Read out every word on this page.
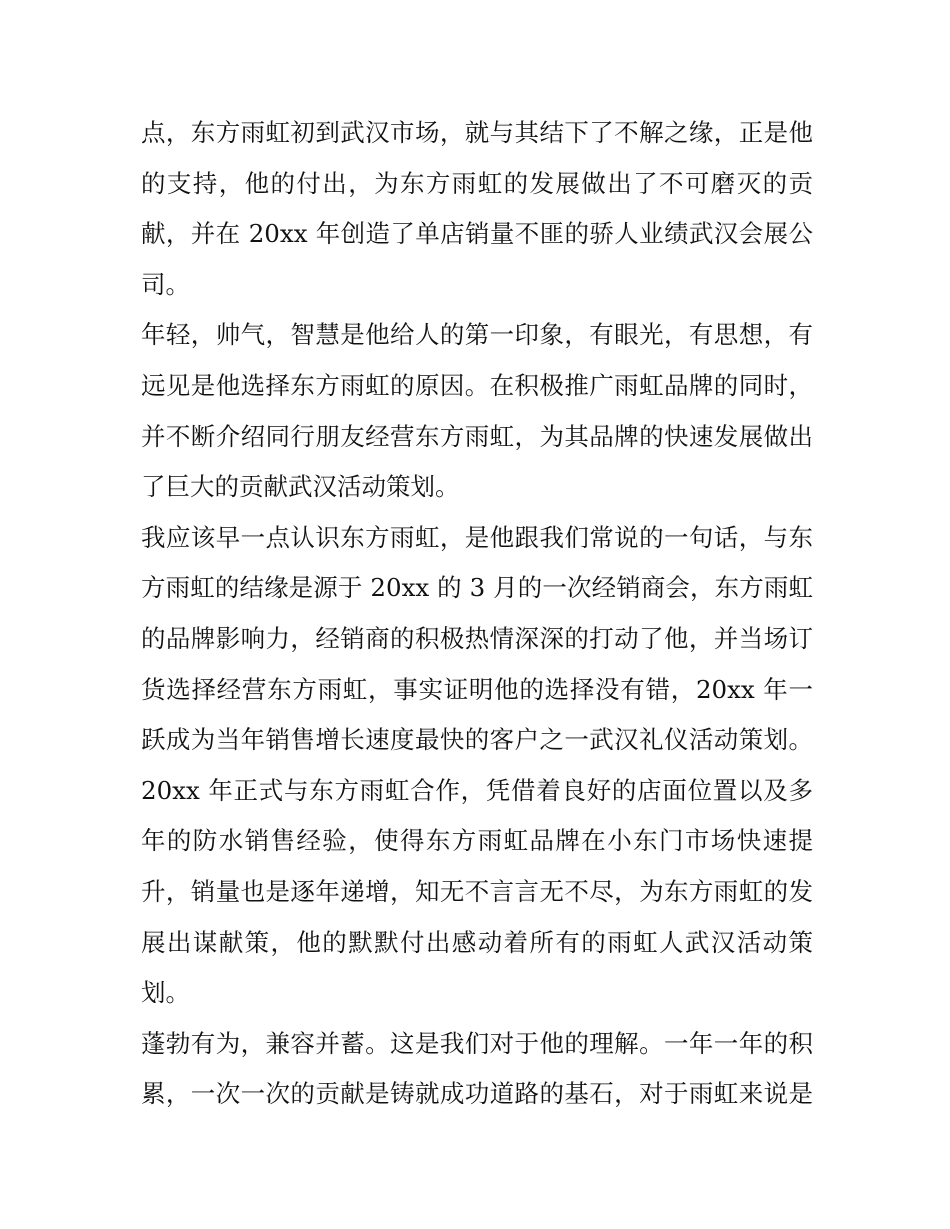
点，东方雨虹初到武汉市场，就与其结下了不解之缘，正是他
的支持，他的付出，为东方雨虹的发展做出了不可磨灭的贡
献，并在 20xx 年创造了单店销量不匪的骄人业绩武汉会展公
司。
年轻，帅气，智慧是他给人的第一印象，有眼光，有思想，有
远见是他选择东方雨虹的原因。在积极推广雨虹品牌的同时，
并不断介绍同行朋友经营东方雨虹，为其品牌的快速发展做出
了巨大的贡献武汉活动策划。
我应该早一点认识东方雨虹，是他跟我们常说的一句话，与东
方雨虹的结缘是源于 20xx 的 3 月的一次经销商会，东方雨虹
的品牌影响力，经销商的积极热情深深的打动了他，并当场订
货选择经营东方雨虹，事实证明他的选择没有错，20xx 年一
跃成为当年销售增长速度最快的客户之一武汉礼仪活动策划。
20xx 年正式与东方雨虹合作，凭借着良好的店面位置以及多
年的防水销售经验，使得东方雨虹品牌在小东门市场快速提
升，销量也是逐年递增，知无不言言无不尽，为东方雨虹的发
展出谋献策，他的默默付出感动着所有的雨虹人武汉活动策
划。
蓬勃有为，兼容并蓄。这是我们对于他的理解。一年一年的积
累，一次一次的贡献是铸就成功道路的基石，对于雨虹来说是
